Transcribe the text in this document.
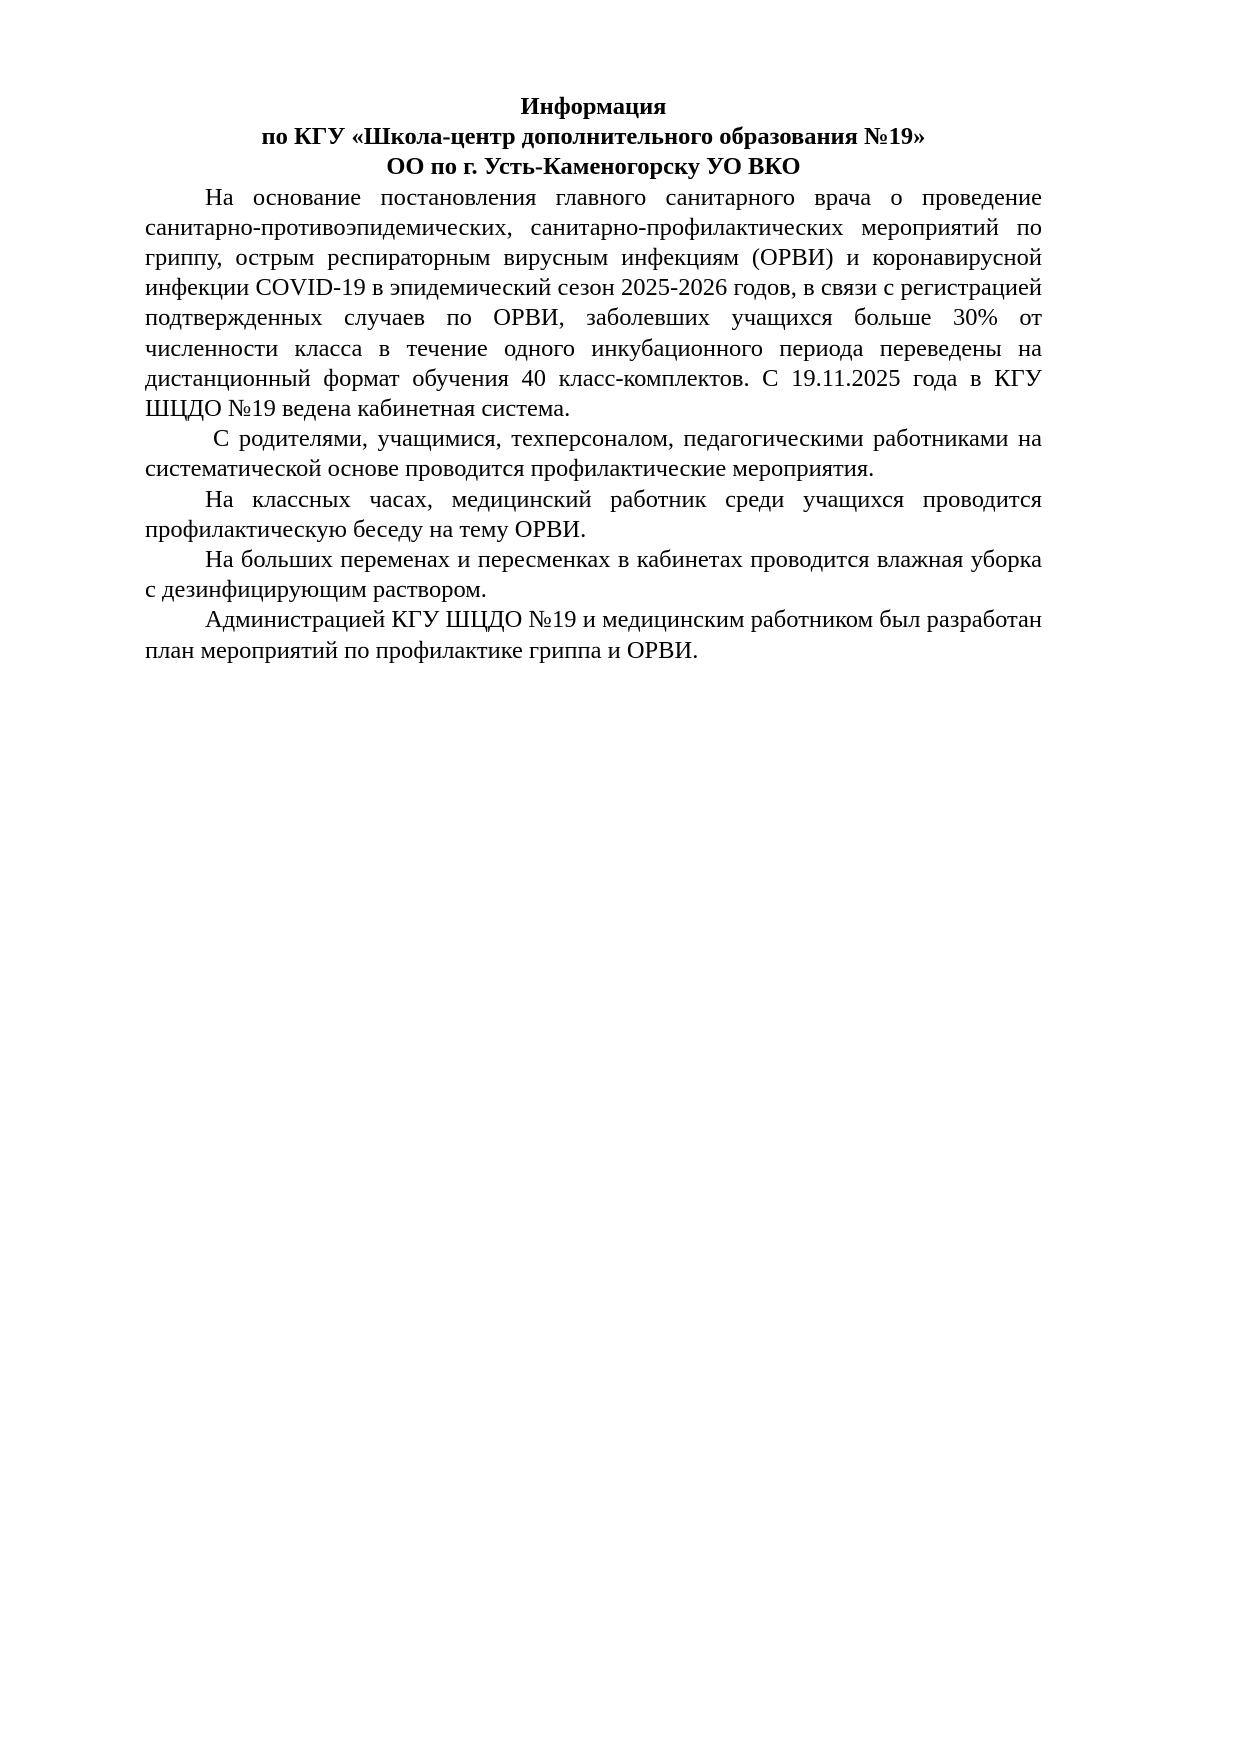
Информация
по КГУ «Школа-центр дополнительного образования №19»
ОО по г. Усть-Каменогорску УО ВКО

На основание постановления главного санитарного врача о проведение санитарно-противоэпидемических, санитарно-профилактических мероприятий по гриппу, острым респираторным вирусным инфекциям (ОРВИ) и коронавирусной инфекции COVID-19 в эпидемический сезон 2025-2026 годов, в связи с регистрацией подтвержденных случаев по ОРВИ, заболевших учащихся больше 30% от численности класса в течение одного инкубационного периода переведены на дистанционный формат обучения 40 класс-комплектов. С 19.11.2025 года в КГУ ШЦДО №19 ведена кабинетная система.

С родителями, учащимися, техперсоналом, педагогическими работниками на систематической основе проводится профилактические мероприятия.

На классных часах, медицинский работник среди учащихся проводится профилактическую беседу на тему ОРВИ.

На больших переменах и пересменках в кабинетах проводится влажная уборка с дезинфицирующим раствором.

Администрацией КГУ ШЦДО №19 и медицинским работником был разработан план мероприятий по профилактике гриппа и ОРВИ.
